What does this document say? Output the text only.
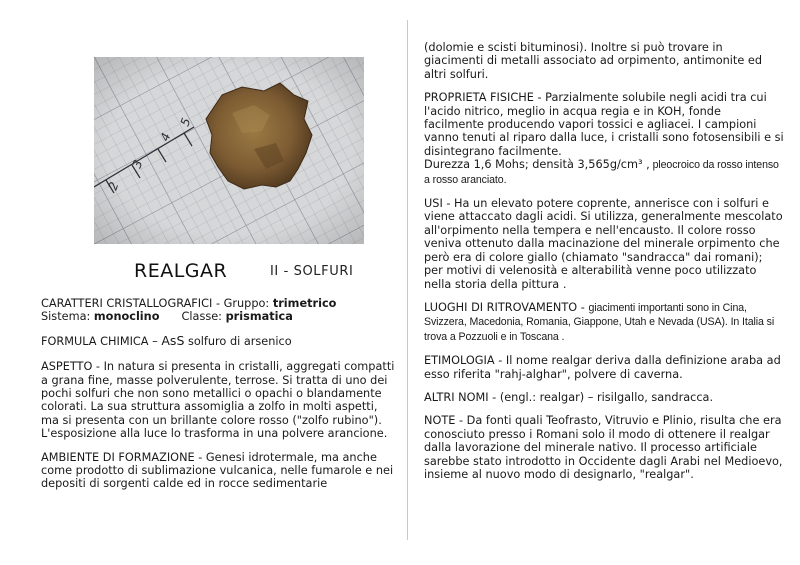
REALGAR	II - SOLFURI

CARATTERI CRISTALLOGRAFICI - Gruppo: trimetrico
Sistema: monoclino Classe: prismatica

FORMULA CHIMICA – AsS solfuro di arsenico

ASPETTO - In natura si presenta in cristalli, aggregati compatti a grana fine, masse polverulente, terrose. Si tratta di uno dei pochi solfuri che non sono metallici o opachi o blandamente colorati. La sua struttura assomiglia a zolfo in molti aspetti, ma si presenta con un brillante colore rosso ("zolfo rubino"). L'esposizione alla luce lo trasforma in una polvere arancione.

AMBIENTE DI FORMAZIONE - Genesi idrotermale, ma anche come prodotto di sublimazione vulcanica, nelle fumarole e nei depositi di sorgenti calde ed in rocce sedimentarie

(dolomie e scisti bituminosi). Inoltre si può trovare in giacimenti di metalli associato ad orpimento, antimonite ed altri solfuri.

PROPRIETA FISICHE - Parzialmente solubile negli acidi tra cui l'acido nitrico, meglio in acqua regia e in KOH, fonde facilmente producendo vapori tossici e agliacei. I campioni vanno tenuti al riparo dalla luce, i cristalli sono fotosensibili e si disintegrano facilmente.
Durezza 1,6 Mohs; densità 3,565g/cm³ , pleocroico da rosso intenso a rosso aranciato.

USI - Ha un elevato potere coprente, annerisce con i solfuri e viene attaccato dagli acidi. Si utilizza, generalmente mescolato all'orpimento nella tempera e nell'encausto. Il colore rosso veniva ottenuto dalla macinazione del minerale orpimento che però era di colore giallo (chiamato "sandracca" dai romani); per motivi di velenosità e alterabilità venne poco utilizzato nella storia della pittura .

LUOGHI DI RITROVAMENTO - giacimenti importanti sono in Cina, Svizzera, Macedonia, Romania, Giappone, Utah e Nevada (USA). In Italia si trova a Pozzuoli e in Toscana .

ETIMOLOGIA - Il nome realgar deriva dalla definizione araba ad esso riferita "rahj-alghar", polvere di caverna.

ALTRI NOMI - (engl.: realgar) – risilgallo, sandracca.

NOTE - Da fonti quali Teofrasto, Vitruvio e Plinio, risulta che era conosciuto presso i Romani solo il modo di ottenere il realgar dalla lavorazione del minerale nativo. Il processo artificiale sarebbe stato introdotto in Occidente dagli Arabi nel Medioevo, insieme al nuovo modo di designarlo, "realgar".
